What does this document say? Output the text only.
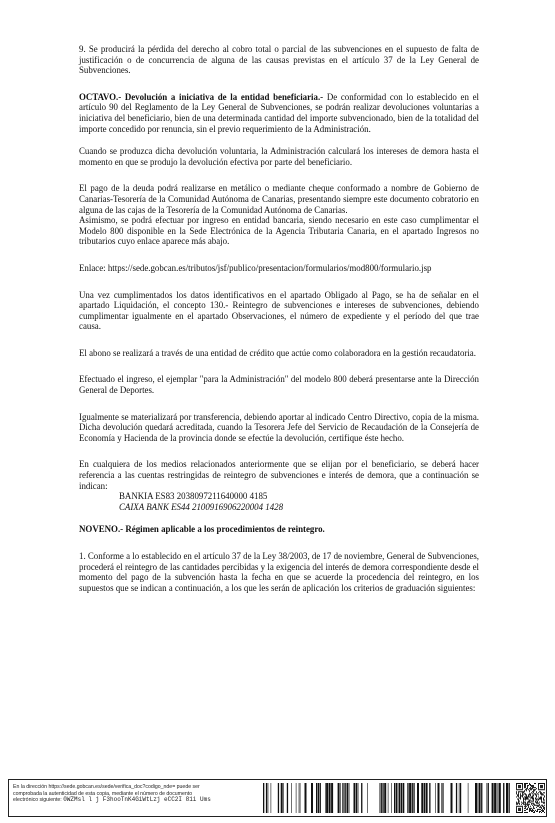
9. Se producirá la pérdida del derecho al cobro total o parcial de las subvenciones en el supuesto de falta de justificación o de concurrencia de alguna de las causas previstas en el artículo 37 de la Ley General de Subvenciones.

OCTAVO.- Devolución a iniciativa de la entidad beneficiaria.- De conformidad con lo establecido en el artículo 90 del Reglamento de la Ley General de Subvenciones, se podrán realizar devoluciones voluntarias a iniciativa del beneficiario, bien de una determinada cantidad del importe subvencionado, bien de la totalidad del importe concedido por renuncia, sin el previo requerimiento de la Administración.

Cuando se produzca dicha devolución voluntaria, la Administración calculará los intereses de demora hasta el momento en que se produjo la devolución efectiva por parte del beneficiario.

El pago de la deuda podrá realizarse en metálico o mediante cheque conformado a nombre de Gobierno de Canarias-Tesorería de la Comunidad Autónoma de Canarias, presentando siempre este documento cobratorio en alguna de las cajas de la Tesorería de la Comunidad Autónoma de Canarias.

Asimismo, se podrá efectuar por ingreso en entidad bancaria, siendo necesario en este caso cumplimentar el Modelo 800 disponible en la Sede Electrónica de la Agencia Tributaria Canaria, en el apartado Ingresos no tributarios cuyo enlace aparece más abajo.

Enlace: https://sede.gobcan.es/tributos/jsf/publico/presentacion/formularios/mod800/formulario.jsp

Una vez cumplimentados los datos identificativos en el apartado Obligado al Pago, se ha de señalar en el apartado Liquidación, el concepto 130.- Reintegro de subvenciones e intereses de subvenciones, debiendo cumplimentar igualmente en el apartado Observaciones, el número de expediente y el período del que trae causa.

El abono se realizará a través de una entidad de crédito que actúe como colaboradora en la gestión recaudatoria.

Efectuado el ingreso, el ejemplar "para la Administración" del modelo 800 deberá presentarse ante la Dirección General de Deportes.

Igualmente se materializará por transferencia, debiendo aportar al indicado Centro Directivo, copia de la misma. Dicha devolución quedará acreditada, cuando la Tesorera Jefe del Servicio de Recaudación de la Consejería de Economía y Hacienda de la provincia donde se efectúe la devolución, certifique éste hecho.

En cualquiera de los medios relacionados anteriormente que se elijan por el beneficiario, se deberá hacer referencia a las cuentas restringidas de reintegro de subvenciones e interés de demora, que a continuación se indican:

BANKIA ES83 2038097211640000 4185

CAIXA BANK ES44 2100916906220004 1428

NOVENO.- Régimen aplicable a los procedimientos de reintegro.

1. Conforme a lo establecido en el artículo 37 de la Ley 38/2003, de 17 de noviembre, General de Subvenciones, procederá el reintegro de las cantidades percibidas y la exigencia del interés de demora correspondiente desde el momento del pago de la subvención hasta la fecha en que se acuerde la procedencia del reintegro, en los supuestos que se indican a continuación, a los que les serán de aplicación los criterios de graduación siguientes:

En la dirección https://sede.gobcan.es/sede/verifica_doc?codigo_nde= puede ser
comprobada la autenticidad de esta copia, mediante el número de documento
electrónico siguiente: 0WZMsl l j F3hooTnK4GiWtLzj eCC2I 81i Ums
